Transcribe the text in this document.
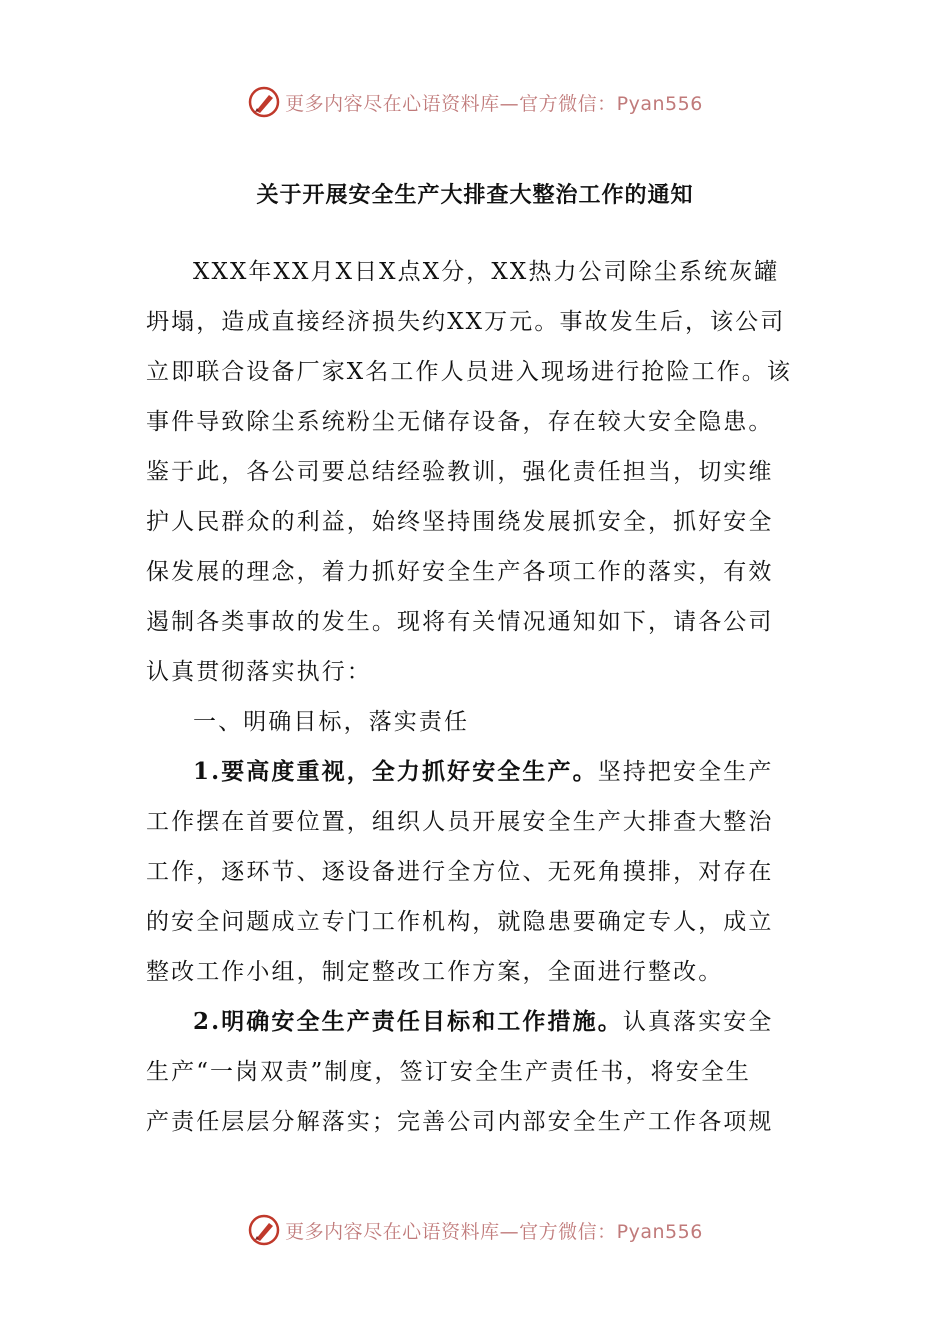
更多内容尽在心语资料库—官方微信：Pyan556
关于开展安全生产大排查大整治工作的通知
XXX年XX月X日X点X分，XX热力公司除尘系统灰罐
坍塌，造成直接经济损失约XX万元。事故发生后，该公司
立即联合设备厂家X名工作人员进入现场进行抢险工作。该
事件导致除尘系统粉尘无储存设备，存在较大安全隐患。
鉴于此，各公司要总结经验教训，强化责任担当，切实维
护人民群众的利益，始终坚持围绕发展抓安全，抓好安全
保发展的理念，着力抓好安全生产各项工作的落实，有效
遏制各类事故的发生。现将有关情况通知如下，请各公司
认真贯彻落实执行：
一、明确目标，落实责任
1.要高度重视，全力抓好安全生产。坚持把安全生产
工作摆在首要位置，组织人员开展安全生产大排查大整治
工作，逐环节、逐设备进行全方位、无死角摸排，对存在
的安全问题成立专门工作机构，就隐患要确定专人，成立
整改工作小组，制定整改工作方案，全面进行整改。
2.明确安全生产责任目标和工作措施。认真落实安全
生产“一岗双责”制度，签订安全生产责任书，将安全生
产责任层层分解落实；完善公司内部安全生产工作各项规
更多内容尽在心语资料库—官方微信：Pyan556
